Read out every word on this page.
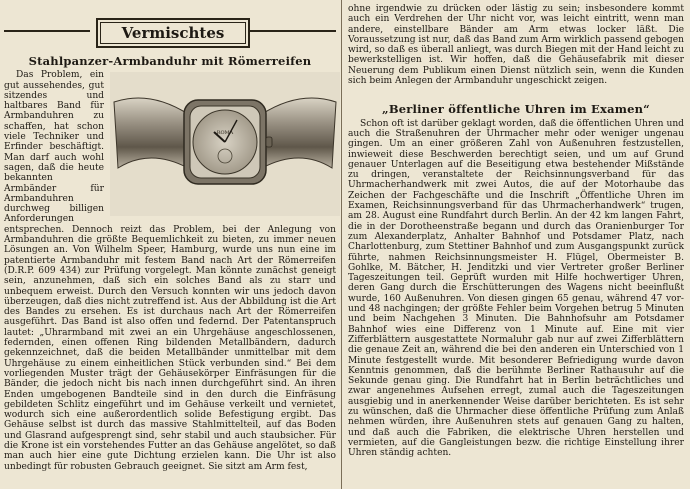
Vermischtes
Stahlpanzer-Armbanduhr mit Römerreifen
ROMA

Das Problem, ein gut aussehendes, gut sitzendes und haltbares Band für Armbanduhren zu schaffen, hat schon viele Techniker und Erfinder beschäftigt. Man darf auch wohl sagen, daß die heute bekannten Armbänder für Armbanduhren durchweg billigen Anforderungen entsprechen. Dennoch reizt das Problem, bei der Anlegung von Armbanduhren die größte Bequemlichkeit zu bieten, zu immer neuen Lösungen an. Von Wilhelm Speer, Hamburg, wurde uns nun eine im patentierte Armbanduhr mit festem Band nach Art der Römerreifen (D.R.P. 609 434) zur Prüfung vorgelegt. Man könnte zunächst geneigt sein, anzunehmen, daß sich ein solches Band als zu starr und unbequem erweist. Durch den Versuch konnten wir uns jedoch davon überzeugen, daß dies nicht zutreffend ist. Aus der Abbildung ist die Art des Bandes zu ersehen. Es ist durchaus nach Art der Römerreifen ausgeführt. Das Band ist also offen und federnd. Der Patentanspruch lautet: „Uhrarmband mit zwei an ein Uhrgehäuse angeschlossenen, federnden, einen offenen Ring bildenden Metallbändern, dadurch gekennzeichnet, daß die beiden Metallbänder unmittelbar mit dem Uhrgehäuse zu einem einheitlichen Stück verbunden sind.“ Bei dem vorliegenden Muster trägt der Gehäusekörper Einfräsungen für die Bänder, die jedoch nicht bis nach innen durchgeführt sind. An ihren Enden umgebogenen Bandteile sind in den durch die Einfräsung gebildeten Schlitz eingeführt und im Gehäuse verkeilt und vernietet, wodurch sich eine außerordentlich solide Befestigung ergibt. Das Gehäuse selbst ist durch das massive Stahlmittelteil, auf das Boden und Glasrand aufgesprengt sind, sehr stabil und auch staubsicher. Für die Krone ist ein vorstehendes Futter an das Gehäuse angelötet, so daß man auch hier eine gute Dichtung erzielen kann. Die Uhr ist also unbedingt für robusten Gebrauch geeignet. Sie sitzt am Arm fest,

ohne irgendwie zu drücken oder lästig zu sein; insbesondere kommt auch ein Verdrehen der Uhr nicht vor, was leicht eintritt, wenn man andere, einstellbare Bänder am Arm etwas locker läßt. Die Voraussetzung ist nur, daß das Band zum Arm wirklich passend gebogen wird, so daß es überall anliegt, was durch Biegen mit der Hand leicht zu bewerkstelligen ist. Wir hoffen, daß die Gehäusefabrik mit dieser Neuerung dem Publikum einen Dienst nützlich sein, wenn die Kunden sich beim Anlegen der Armbanduhr ungeschickt zeigen.

„Berliner öffentliche Uhren im Examen“

Schon oft ist darüber geklagt worden, daß die öffentlichen Uhren und auch die Straßenuhren der Uhrmacher mehr oder weniger ungenau gingen. Um an einer größeren Zahl von Außenuhren festzustellen, inwieweit diese Beschwerden berechtigt seien, und um auf Grund genauer Unterlagen auf die Beseitigung etwa bestehender Mißstände zu dringen, veranstaltete der Reichsinnungsverband für das Uhrmacherhandwerk mit zwei Autos, die auf der Motorhaube das Zeichen der Fachgeschäfte und die Inschrift „Öffentliche Uhren im Examen, Reichsinnungsverband für das Uhrmacherhandwerk“ trugen, am 28. August eine Rundfahrt durch Berlin. An der 42 km langen Fahrt, die in der Dorotheenstraße begann und durch das Oranienburger Tor zum Alexanderplatz, Anhalter Bahnhof und Potsdamer Platz, nach Charlottenburg, zum Stettiner Bahnhof und zum Ausgangspunkt zurück führte, nahmen Reichsinnungsmeister H. Flügel, Obermeister B. Gohlke, M. Bätcher, H. Jenditzki und vier Vertreter großer Berliner Tageszeitungen teil. Geprüft wurden mit Hilfe hochwertiger Uhren, deren Gang durch die Erschütterungen des Wagens nicht beeinflußt wurde, 160 Außenuhren. Von diesen gingen 65 genau, während 47 vor- und 48 nachgingen; der größte Fehler beim Vorgehen betrug 5 Minuten und beim Nachgehen 3 Minuten. Die Bahnhofsuhr am Potsdamer Bahnhof wies eine Differenz von 1 Minute auf. Eine mit vier Zifferblättern ausgestattete Normaluhr gab nur auf zwei Zifferblättern die genaue Zeit an, während die bei den anderen ein Unterschied von 1 Minute festgestellt wurde. Mit besonderer Befriedigung wurde davon Kenntnis genommen, daß die berühmte Berliner Rathausuhr auf die Sekunde genau ging. Die Rundfahrt hat in Berlin beträchtliches und zwar angenehmes Aufsehen erregt, zumal auch die Tageszeitungen ausgiebig und in anerkennender Weise darüber berichteten. Es ist sehr zu wünschen, daß die Uhrmacher diese öffentliche Prüfung zum Anlaß nehmen würden, ihre Außenuhren stets auf genauen Gang zu halten, und daß auch die Fabriken, die elektrische Uhren herstellen und vermieten, auf die Gangleistungen bezw. die richtige Einstellung ihrer Uhren ständig achten.
